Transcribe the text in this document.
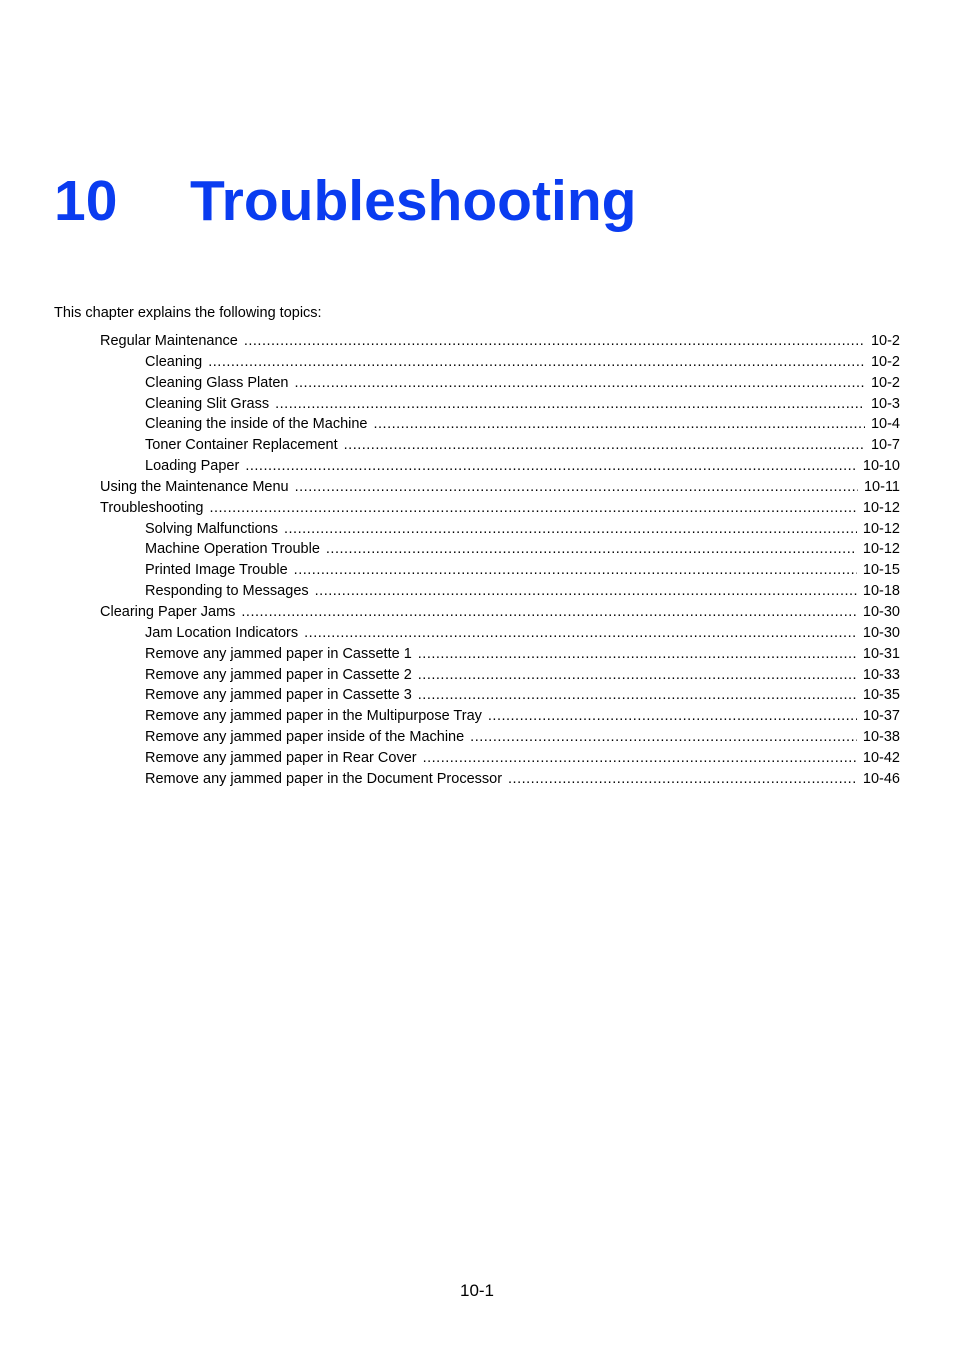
10 Troubleshooting

This chapter explains the following topics:

Regular Maintenance .....	10-2
Cleaning .....	10-2
Cleaning Glass Platen .....	10-2
Cleaning Slit Grass .....	10-3
Cleaning the inside of the Machine .....	10-4
Toner Container Replacement .....	10-7
Loading Paper .....	10-10
Using the Maintenance Menu .....	10-11
Troubleshooting .....	10-12
Solving Malfunctions .....	10-12
Machine Operation Trouble .....	10-12
Printed Image Trouble .....	10-15
Responding to Messages .....	10-18
Clearing Paper Jams .....	10-30
Jam Location Indicators .....	10-30
Remove any jammed paper in Cassette 1 .....	10-31
Remove any jammed paper in Cassette 2 .....	10-33
Remove any jammed paper in Cassette 3 .....	10-35
Remove any jammed paper in the Multipurpose Tray .....	10-37
Remove any jammed paper inside of the Machine .....	10-38
Remove any jammed paper in Rear Cover .....	10-42
Remove any jammed paper in the Document Processor .....	10-46
10-1
